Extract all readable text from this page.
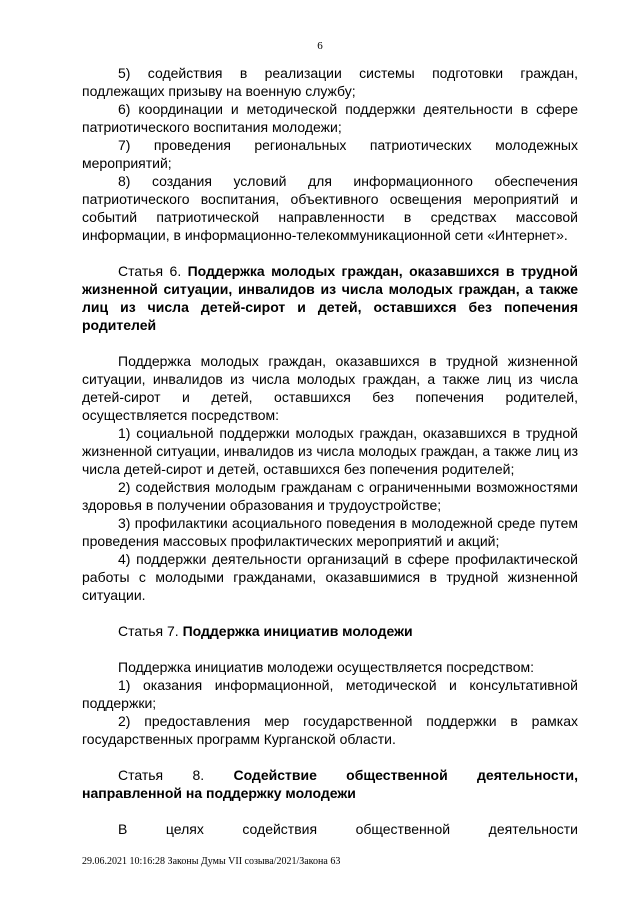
6

5) содействия в реализации системы подготовки граждан, подлежащих призыву на военную службу;

6) координации и методической поддержки деятельности в сфере патриотического воспитания молодежи;

7) проведения региональных патриотических молодежных мероприятий;

8) создания условий для информационного обеспечения патриотического воспитания, объективного освещения мероприятий и событий патриотической направленности в средствах массовой информации, в информационно-телекоммуникационной сети «Интернет».

Статья 6. Поддержка молодых граждан, оказавшихся в трудной жизненной ситуации, инвалидов из числа молодых граждан, а также лиц из числа детей-сирот и детей, оставшихся без попечения родителей

Поддержка молодых граждан, оказавшихся в трудной жизненной ситуации, инвалидов из числа молодых граждан, а также лиц из числа детей-сирот и детей, оставшихся без попечения родителей, осуществляется посредством:

1) социальной поддержки молодых граждан, оказавшихся в трудной жизненной ситуации, инвалидов из числа молодых граждан, а также лиц из числа детей-сирот и детей, оставшихся без попечения родителей;

2) содействия молодым гражданам с ограниченными возможностями здоровья в получении образования и трудоустройстве;

3) профилактики асоциального поведения в молодежной среде путем проведения массовых профилактических мероприятий и акций;

4) поддержки деятельности организаций в сфере профилактической работы с молодыми гражданами, оказавшимися в трудной жизненной ситуации.

Статья 7. Поддержка инициатив молодежи

Поддержка инициатив молодежи осуществляется посредством:

1) оказания информационной, методической и консультативной поддержки;

2) предоставления мер государственной поддержки в рамках государственных программ Курганской области.

Статья 8. Содействие общественной деятельности, направленной на поддержку молодежи

В целях содействия общественной деятельности

29.06.2021 10:16:28 Законы Думы VII созыва/2021/Закона 63
